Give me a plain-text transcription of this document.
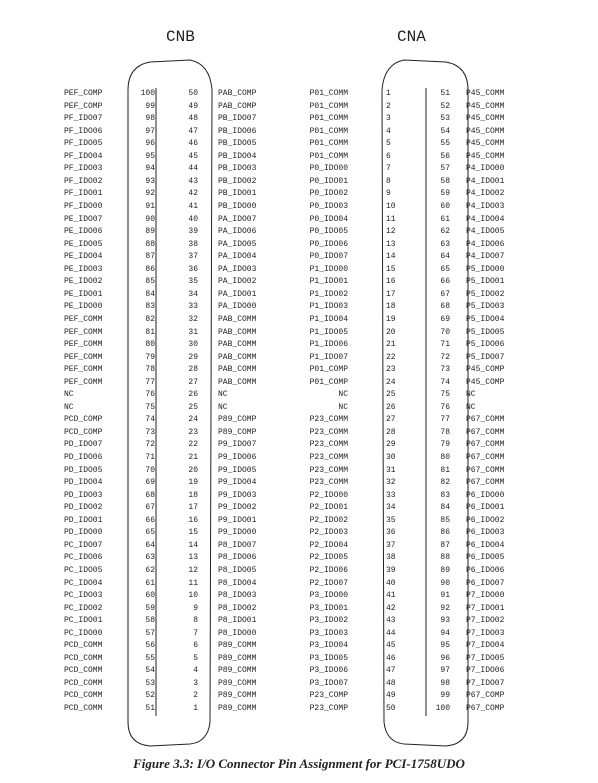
CNB	CNA
PEF_COMP	100	50	PAB_COMP
PEF_COMP	99	49	PAB_COMP
PF_IDO07	98	48	PB_IDO07
PF_IDO06	97	47	PB_IDO06
PF_IDO05	96	46	PB_IDO05
PF_IDO04	95	45	PB_IDO04
PF_IDO03	94	44	PB_IDO03
PF_IDO02	93	43	PB_IDO02
PF_IDO01	92	42	PB_IDO01
PF_IDO00	91	41	PB_IDO00
PE_IDO07	90	40	PA_IDO07
PE_IDO06	89	39	PA_IDO06
PE_IDO05	88	38	PA_IDO05
PE_IDO04	87	37	PA_IDO04
PE_IDO03	86	36	PA_IDO03
PE_IDO02	85	35	PA_IDO02
PE_IDO01	84	34	PA_IDO01
PE_IDO00	83	33	PA_IDO00
PEF_COMM	82	32	PAB_COMM
PEF_COMM	81	31	PAB_COMM
PEF_COMM	80	30	PAB_COMM
PEF_COMM	79	29	PAB_COMM
PEF_COMM	78	28	PAB_COMM
PEF_COMM	77	27	PAB_COMM
NC	76	26	NC
NC	75	25	NC
PCD_COMP	74	24	P89_COMP
PCD_COMP	73	23	P89_COMP
PD_IDO07	72	22	P9_IDO07
PD_IDO06	71	21	P9_IDO06
PD_IDO05	70	20	P9_IDO05
PD_IDO04	69	19	P9_IDO04
PD_IDO03	68	18	P9_IDO03
PD_IDO02	67	17	P9_IDO02
PD_IDO01	66	16	P9_IDO01
PD_IDO00	65	15	P9_IDO00
PC_IDO07	64	14	P8_IDO07
PC_IDO06	63	13	P8_IDO06
PC_IDO05	62	12	P8_IDO05
PC_IDO04	61	11	P8_IDO04
PC_IDO03	60	10	P8_IDO03
PC_IDO02	59	9	P8_IDO02
PC_IDO01	58	8	P8_IDO01
PC_IDO00	57	7	P8_IDO00
PCD_COMM	56	6	P89_COMM
PCD_COMM	55	5	P89_COMM
PCD_COMM	54	4	P89_COMM
PCD_COMM	53	3	P89_COMM
PCD_COMM	52	2	P89_COMM
PCD_COMM	51	1	P89_COMM
P01_COMM	1	51 P45_COMM
P01_COMM	2	52 P45_COMM
P01_COMM	3	53 P45_COMM
P01_COMM	4	54 P45_COMM
P01_COMM	5	55 P45_COMM
P01_COMM	6	56 P45_COMM
P0_IDO00	7	57 P4_IDO00
P0_IDO01	8	58 P4_IDO01
P0_IDO02	9	59 P4_IDO02
P0_IDO03	10	60 P4_IDO03
P0_IDO04	11	61 P4_IDO04
P0_IDO05	12	62 P4_IDO05
P0_IDO06	13	63 P4_IDO06
P0_IDO07	14	64 P4_IDO07
P1_IDO00	15	65 P5_IDO00
P1_IDO01	16	66 P5_IDO01
P1_IDO02	17	67 P5_IDO02
P1_IDO03	18	68 P5_IDO03
P1_IDO04	19	69 P5_IDO04
P1_IDO05	20	70 P5_IDO05
P1_IDO06	21	71 P5_IDO06
P1_IDO07	22	72 P5_IDO07
P01_COMP	23	73 P45_COMP
P01_COMP	24	74 P45_COMP
NC	25	75 NC
NC	26	76 NC
P23_COMM	27	77 P67_COMM
P23_COMM	28	78 P67_COMM
P23_COMM	29	79 P67_COMM
P23_COMM	30	80 P67_COMM
P23_COMM	31	81 P67_COMM
P23_COMM	32	82 P67_COMM
P2_IDO00	33	83 P6_IDO00
P2_IDO01	34	84 P6_IDO01
P2_IDO02	35	85 P6_IDO02
P2_IDO03	36	86 P6_IDO03
P2_IDO04	37	87 P6_IDO04
P2_IDO05	38	88 P6_IDO05
P2_IDO06	39	89 P6_IDO06
P2_IDO07	40	90 P6_IDO07
P3_IDO00	41	91 P7_IDO00
P3_IDO01	42	92 P7_IDO01
P3_IDO02	43	93 P7_IDO02
P3_IDO03	44	94 P7_IDO03
P3_IDO04	45	95 P7_IDO04
P3_IDO05	46	96 P7_IDO05
P3_IDO06	47	97 P7_IDO06
P3_IDO07	48	98 P7_IDO07
P23_COMP	49	99 P67_COMP
P23_COMP	50	100 P67_COMP
Figure 3.3: I/O Connector Pin Assignment for PCI-1758UDO
